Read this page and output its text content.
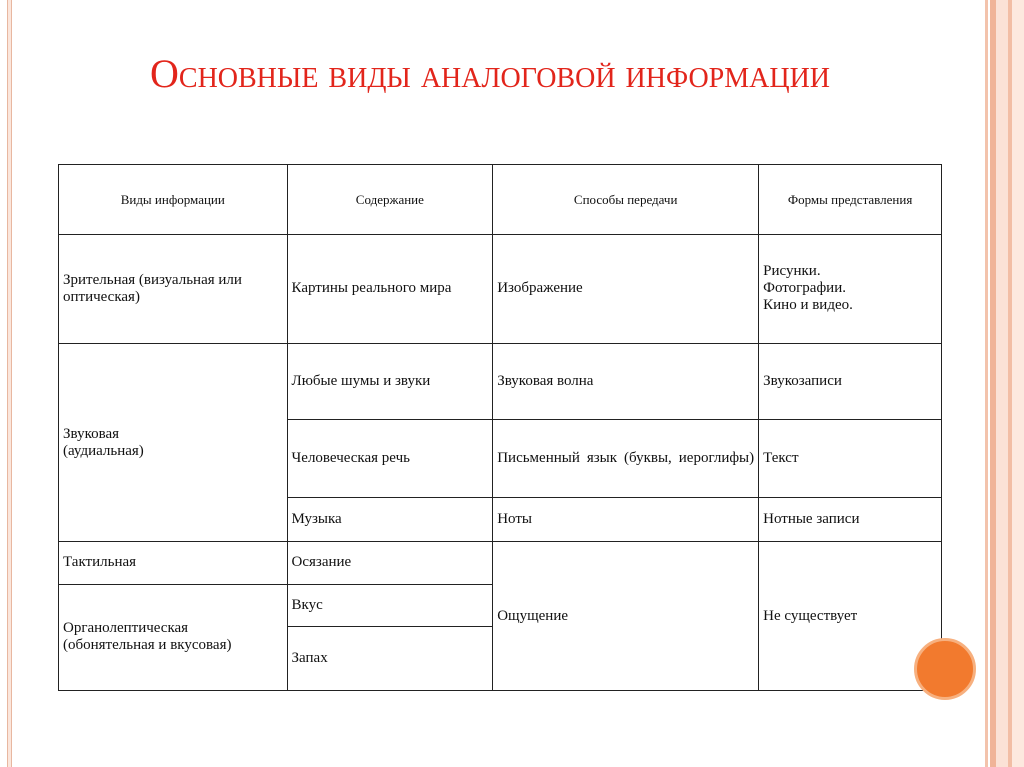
Основные виды аналоговой информации
Виды информации	Содержание	Способы передачи	Формы представления
Зрительная (визуальная или оптическая)	Картины реального мира	Изображение	Рисунки.
Фотографии.
Кино и видео.
Звуковая
(аудиальная)	Любые шумы и звуки	Звуковая волна	Звукозаписи
	Человеческая речь	Письменный язык (буквы, иероглифы)	Текст
	Музыка	Ноты	Нотные записи
Тактильная	Осязание	Ощущение	Не существует
Органолептическая (обонятельная и вкусовая)	Вкус		
	Запах		
